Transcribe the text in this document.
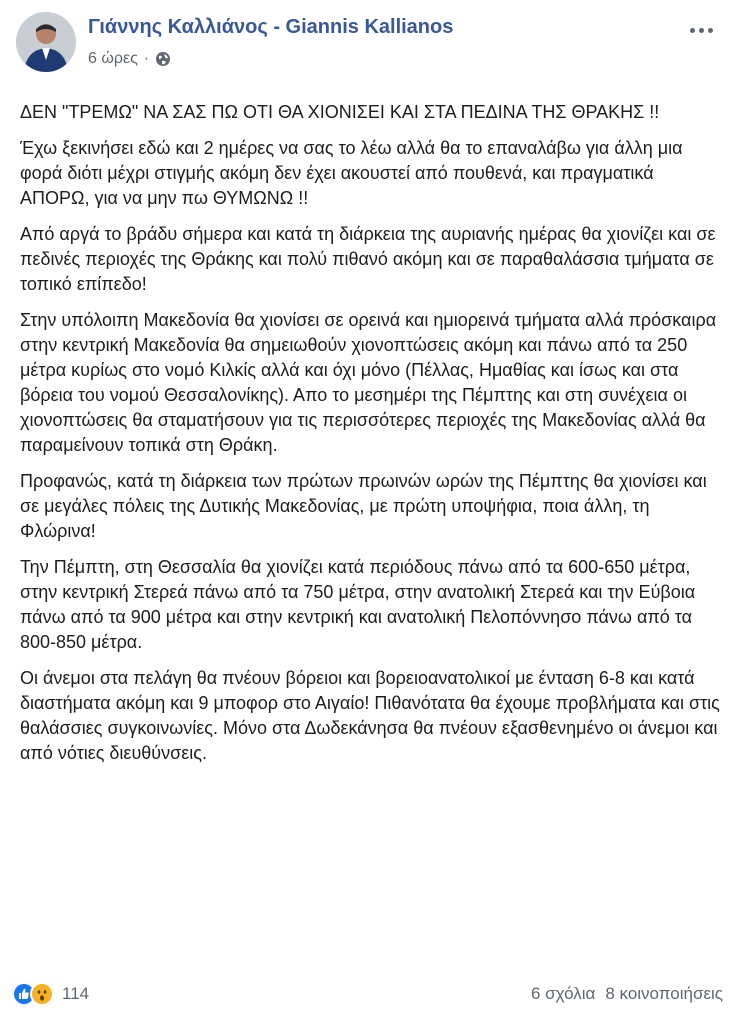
Γιάννης Καλλιάνος - Giannis Kallianos
6 ώρες ·

ΔΕΝ "ΤΡΕΜΩ" ΝΑ ΣΑΣ ΠΩ ΟΤΙ ΘΑ ΧΙΟΝΙΣΕΙ ΚΑΙ ΣΤΑ ΠΕΔΙΝΑ ΤΗΣ ΘΡΑΚΗΣ !!

Έχω ξεκινήσει εδώ και 2 ημέρες να σας το λέω αλλά θα το επαναλάβω για άλλη μια φορά διότι μέχρι στιγμής ακόμη δεν έχει ακουστεί από πουθενά, και πραγματικά ΑΠΟΡΩ, για να μην πω ΘΥΜΩΝΩ !!

Από αργά το βράδυ σήμερα και κατά τη διάρκεια της αυριανής ημέρας θα χιονίζει και σε πεδινές περιοχές της Θράκης και πολύ πιθανό ακόμη και σε παραθαλάσσια τμήματα σε τοπικό επίπεδο!

Στην υπόλοιπη Μακεδονία θα χιονίσει σε ορεινά και ημιορεινά τμήματα αλλά πρόσκαιρα στην κεντρική Μακεδονία θα σημειωθούν χιονοπτώσεις ακόμη και πάνω από τα 250 μέτρα κυρίως στο νομό Κιλκίς αλλά και όχι μόνο (Πέλλας, Ημαθίας και ίσως και στα βόρεια του νομού Θεσσαλονίκης). Απο το μεσημέρι της Πέμπτης και στη συνέχεια οι χιονοπτώσεις θα σταματήσουν για τις περισσότερες περιοχές της Μακεδονίας αλλά θα παραμείνουν τοπικά στη Θράκη.

Προφανώς, κατά τη διάρκεια των πρώτων πρωινών ωρών της Πέμπτης θα χιονίσει και σε μεγάλες πόλεις της Δυτικής Μακεδονίας, με πρώτη υποψήφια, ποια άλλη, τη Φλώρινα!

Την Πέμπτη, στη Θεσσαλία θα χιονίζει κατά περιόδους πάνω από τα 600-650 μέτρα, στην κεντρική Στερεά πάνω από τα 750 μέτρα, στην ανατολική Στερεά και την Εύβοια πάνω από τα 900 μέτρα και στην κεντρική και ανατολική Πελοπόννησο πάνω από τα 800-850 μέτρα.

Οι άνεμοι στα πελάγη θα πνέουν βόρειοι και βορειοανατολικοί με ένταση 6-8 και κατά διαστήματα ακόμη και 9 μποφορ στο Αιγαίο! Πιθανότατα θα έχουμε προβλήματα και στις θαλάσσιες συγκοινωνίες. Μόνο στα Δωδεκάνησα θα πνέουν εξασθενημένο οι άνεμοι και από νότιες διευθύνσεις.

114	6 σχόλια 8 κοινοποιήσεις
